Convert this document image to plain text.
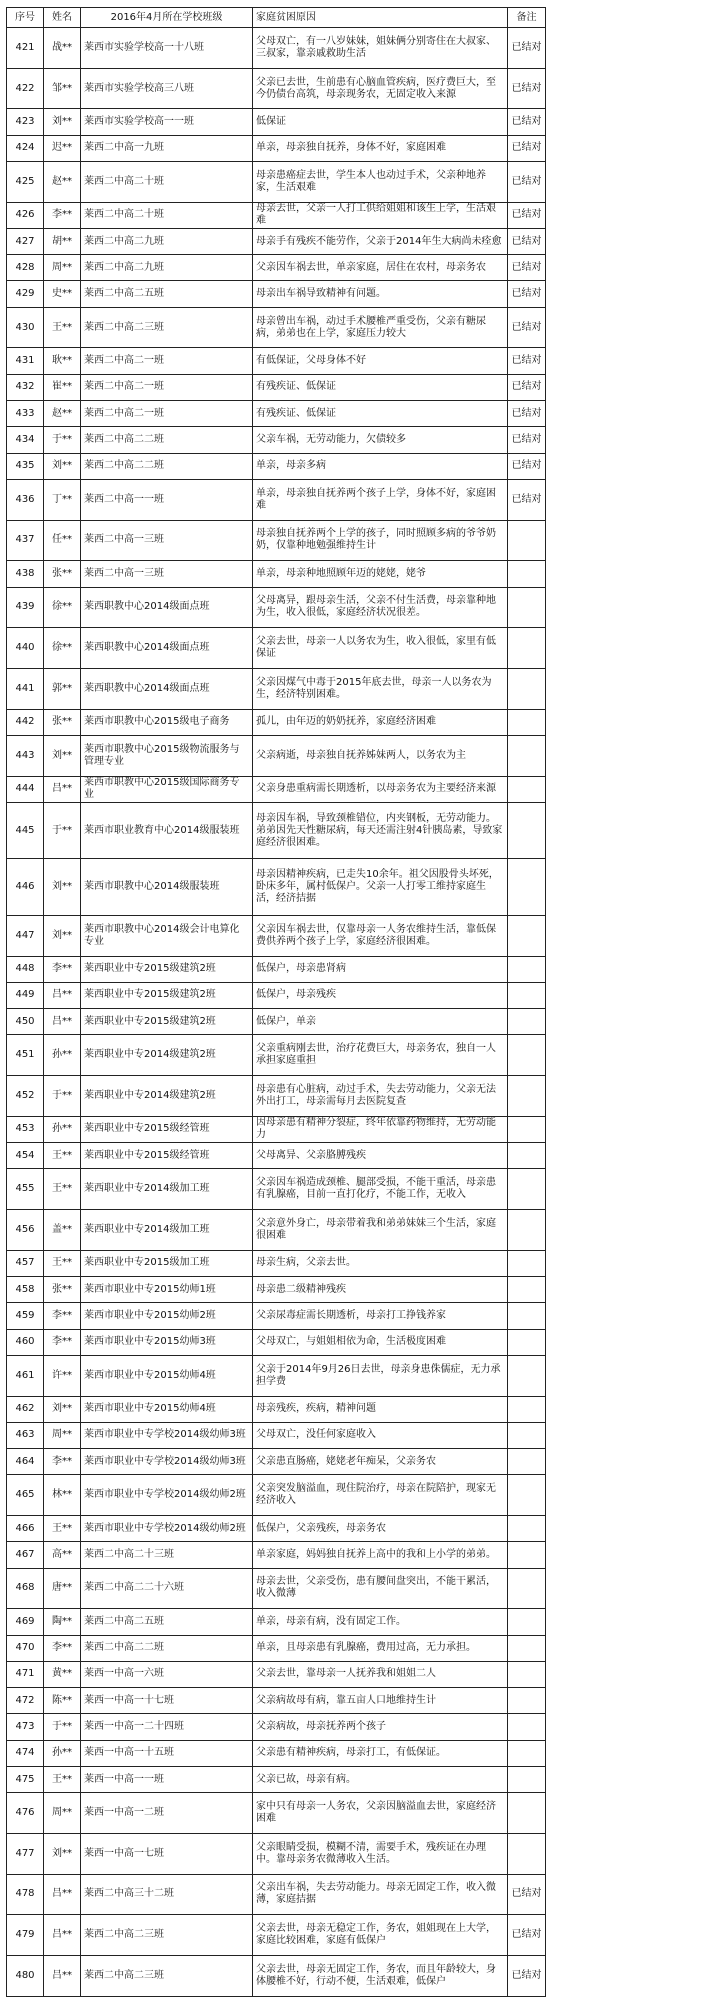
序号	姓名	2016年4月所在学校班级	家庭贫困原因	备注
421	战**	莱西市实验学校高一十八班	父母双亡，有一八岁妹妹，姐妹俩分别寄住在大叔家、三叔家，靠亲戚救助生活	已结对
422	邹**	莱西市实验学校高三八班	父亲已去世，生前患有心脑血管疾病，医疗费巨大，至今仍债台高筑，母亲现务农，无固定收入来源	已结对
423	刘**	莱西市实验学校高一一班	低保证	已结对
424	迟**	莱西二中高一九班	单亲，母亲独自抚养，身体不好，家庭困难	已结对
425	赵**	莱西二中高二十班	母亲患癌症去世，学生本人也动过手术，父亲种地养家，生活艰难	已结对
426	李**	莱西二中高二十班	母亲去世，父亲一人打工供给姐姐和该生上学，生活艰难	已结对
427	胡**	莱西二中高二九班	母亲手有残疾不能劳作，父亲于2014年生大病尚未痊愈	已结对
428	周**	莱西二中高二九班	父亲因车祸去世，单亲家庭，居住在农村，母亲务农	已结对
429	史**	莱西二中高二五班	母亲出车祸导致精神有问题。	已结对
430	王**	莱西二中高二三班	母亲曾出车祸，动过手术腰椎严重受伤，父亲有糖尿病，弟弟也在上学，家庭压力较大	已结对
431	耿**	莱西二中高二一班	有低保证，父母身体不好	已结对
432	崔**	莱西二中高二一班	有残疾证、低保证	已结对
433	赵**	莱西二中高二一班	有残疾证、低保证	已结对
434	于**	莱西二中高二二班	父亲车祸，无劳动能力，欠债较多	已结对
435	刘**	莱西二中高二二班	单亲，母亲多病	已结对
436	丁**	莱西二中高一一班	单亲，母亲独自抚养两个孩子上学，身体不好，家庭困难	已结对
437	任**	莱西二中高一三班	母亲独自抚养两个上学的孩子，同时照顾多病的爷爷奶奶，仅靠种地勉强维持生计	
438	张**	莱西二中高一三班	单亲，母亲种地照顾年迈的姥姥，姥爷	
439	徐**	莱西职教中心2014级面点班	父母离异，跟母亲生活，父亲不付生活费，母亲靠种地为生，收入很低，家庭经济状况很差。	
440	徐**	莱西职教中心2014级面点班	父亲去世，母亲一人以务农为生，收入很低，家里有低保证	
441	郭**	莱西职教中心2014级面点班	父亲因煤气中毒于2015年底去世，母亲一人以务农为生，经济特别困难。	
442	张**	莱西市职教中心2015级电子商务	孤儿，由年迈的奶奶抚养，家庭经济困难	
443	刘**	莱西市职教中心2015级物流服务与管理专业	父亲病逝，母亲独自抚养姊妹两人，以务农为主	
444	吕**	莱西市职教中心2015级国际商务专业	父亲身患重病需长期透析，以母亲务农为主要经济来源	
445	于**	莱西市职业教育中心2014级服装班	母亲因车祸，导致颈椎错位，内夹钢板，无劳动能力。弟弟因先天性糖尿病，每天还需注射4针胰岛素，导致家庭经济很困难。	
446	刘**	莱西市职教中心2014级服装班	母亲因精神疾病，已走失10余年。祖父因股骨头坏死，卧床多年，属村低保户。父亲一人打零工维持家庭生活，经济拮据	
447	刘**	莱西市职教中心2014级会计电算化专业	父亲因车祸去世，仅靠母亲一人务农维持生活，靠低保费供养两个孩子上学，家庭经济很困难。	
448	李**	莱西职业中专2015级建筑2班	低保户，母亲患肾病	
449	吕**	莱西职业中专2015级建筑2班	低保户，母亲残疾	
450	吕**	莱西职业中专2015级建筑2班	低保户，单亲	
451	孙**	莱西职业中专2014级建筑2班	父亲重病刚去世，治疗花费巨大，母亲务农，独自一人承担家庭重担	
452	于**	莱西职业中专2014级建筑2班	母亲患有心脏病，动过手术，失去劳动能力，父亲无法外出打工，母亲需每月去医院复查	
453	孙**	莱西职业中专2015级经管班	因母亲患有精神分裂症，终年依靠药物维持，无劳动能力	
454	王**	莱西职业中专2015级经管班	父母离异、父亲胳膊残疾	
455	王**	莱西职业中专2014级加工班	父亲因车祸造成颈椎、腿部受损，不能干重活，母亲患有乳腺癌，目前一直打化疗，不能工作，无收入	
456	盖**	莱西职业中专2014级加工班	父亲意外身亡，母亲带着我和弟弟妹妹三个生活，家庭很困难	
457	王**	莱西职业中专2015级加工班	母亲生病，父亲去世。	
458	张**	莱西市职业中专2015幼师1班	母亲患二级精神残疾	
459	李**	莱西市职业中专2015幼师2班	父亲尿毒症需长期透析，母亲打工挣钱养家	
460	李**	莱西市职业中专2015幼师3班	父母双亡，与姐姐相依为命，生活极度困难	
461	许**	莱西市职业中专2015幼师4班	父亲于2014年9月26日去世，母亲身患侏儒症，无力承担学费	
462	刘**	莱西市职业中专2015幼师4班	母亲残疾，疾病，精神问题	
463	周**	莱西市职业中专学校2014级幼师3班	父母双亡，没任何家庭收入	
464	李**	莱西市职业中专学校2014级幼师3班	父亲患直肠癌，姥姥老年痴呆，父亲务农	
465	林**	莱西市职业中专学校2014级幼师2班	父亲突发脑溢血，现住院治疗，母亲在院陪护，现家无经济收入	
466	王**	莱西市职业中专学校2014级幼师2班	低保户，父亲残疾，母亲务农	
467	高**	莱西二中高二十三班	单亲家庭，妈妈独自抚养上高中的我和上小学的弟弟。	
468	唐**	莱西二中高二二十六班	母亲去世，父亲受伤，患有腰间盘突出，不能干累活，收入微薄	
469	陶**	莱西二中高二五班	单亲，母亲有病，没有固定工作。	
470	李**	莱西二中高二二班	单亲，且母亲患有乳腺癌，费用过高，无力承担。	
471	黄**	莱西一中高一六班	父亲去世，靠母亲一人抚养我和姐姐二人	
472	陈**	莱西一中高一十七班	父亲病故母有病，靠五亩人口地维持生计	
473	于**	莱西一中高一二十四班	父亲病故，母亲抚养两个孩子	
474	孙**	莱西一中高一十五班	父亲患有精神疾病，母亲打工，有低保证。	
475	王**	莱西一中高一一班	父亲已故，母亲有病。	
476	周**	莱西一中高一二班	家中只有母亲一人务农，父亲因脑溢血去世，家庭经济困难	
477	刘**	莱西一中高一七班	父亲眼睛受损，模糊不清，需要手术，残疾证在办理中。靠母亲务农微薄收入生活。	
478	吕**	莱西二中高三十二班	父亲出车祸，失去劳动能力。母亲无固定工作，收入微薄，家庭拮据	已结对
479	吕**	莱西二中高二三班	父亲去世，母亲无稳定工作，务农，姐姐现在上大学，家庭比较困难，家庭有低保户	已结对
480	吕**	莱西二中高二三班	父亲去世，母亲无固定工作，务农，而且年龄较大，身体腰椎不好，行动不便，生活艰难，低保户	已结对
